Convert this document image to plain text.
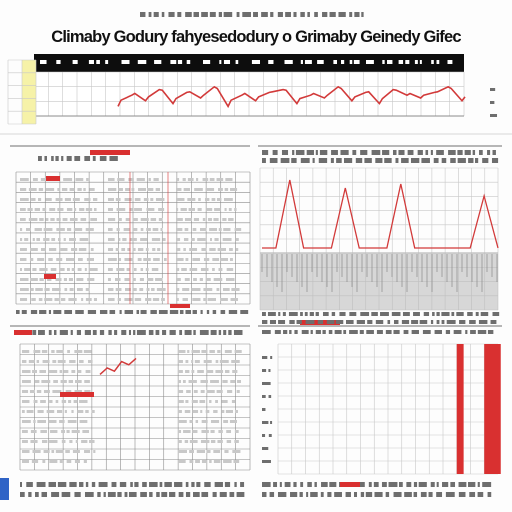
Climaby Godury fahyesedodury o Grimaby Geinedy Gifec
